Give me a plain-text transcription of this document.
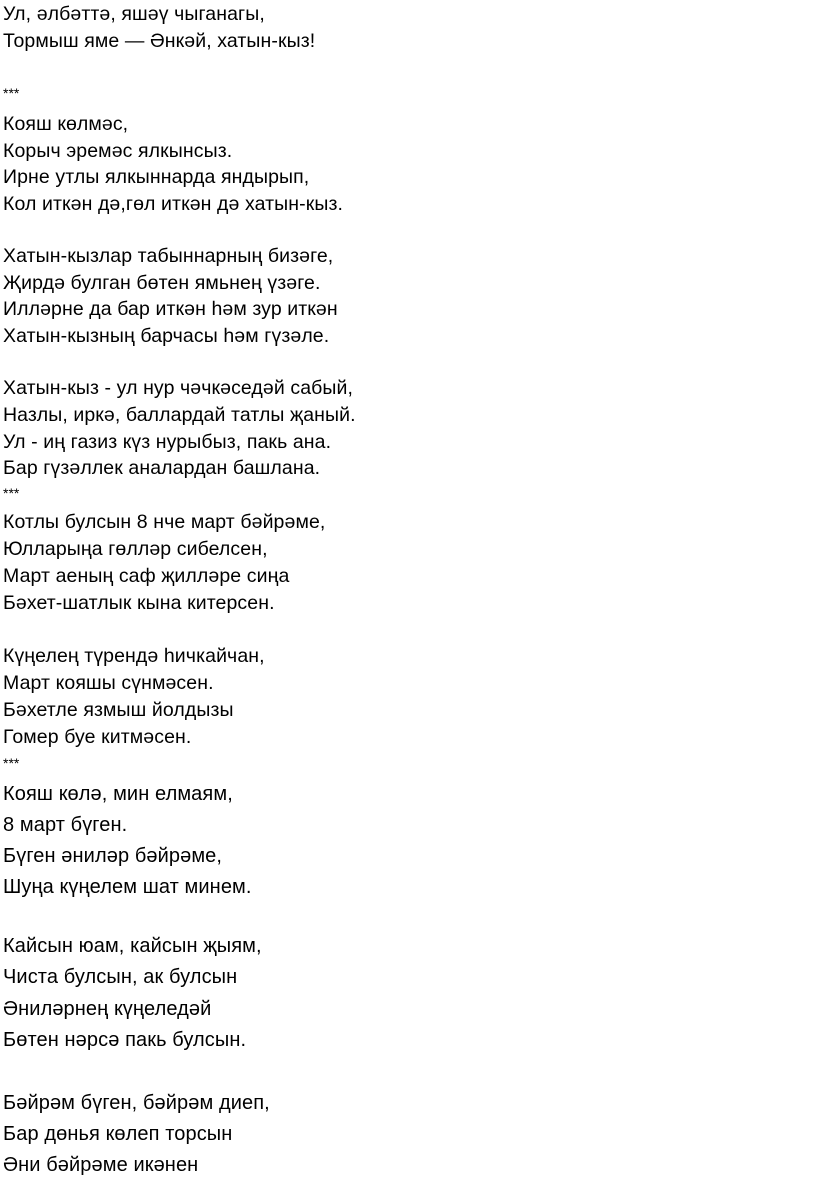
Ул, әлбәттә, яшәү чыганагы,
Тормыш яме — Әнкәй, хатын-кыз!
***
Кояш көлмәс,
Корыч эремәс ялкынсыз.
Ирне утлы ялкыннарда яндырып,
Кол иткән дә,гөл иткән дә хатын-кыз.
Хатын-кызлар табыннарның бизәге,
Җирдә булган бөтен ямьнең үзәге.
Илләрне да бар иткән һәм зур иткән
Хатын-кызның барчасы һәм гүзәле.
Хатын-кыз - ул нур чәчкәседәй сабый,
Назлы, иркә, баллардай татлы җаный.
Ул - иң газиз күз нурыбыз, пакь ана.
Бар гүзәллек аналардан башлана.
***
Котлы булсын 8 нче март бәйрәме,
Юлларыңа гөлләр сибелсен,
Март аеның саф җилләре сиңа
Бәхет-шатлык кына китерсен.
Күңелең түрендә һичкайчан,
Март кояшы сүнмәсен.
Бәхетле язмыш йолдызы
Гомер буе китмәсен.
***
Кояш көлә, мин елмаям,
8 март бүген.
Бүген әниләр бәйрәме,
Шуңа күңелем шат минем.
Кайсын юам, кайсын җыям,
Чиста булсын, ак булсын
Әниләрнең күңеледәй
Бөтен нәрсә пакь булсын.
Бәйрәм бүген, бәйрәм диеп,
Бар дөнья көлеп торсын
Әни бәйрәме икәнен
